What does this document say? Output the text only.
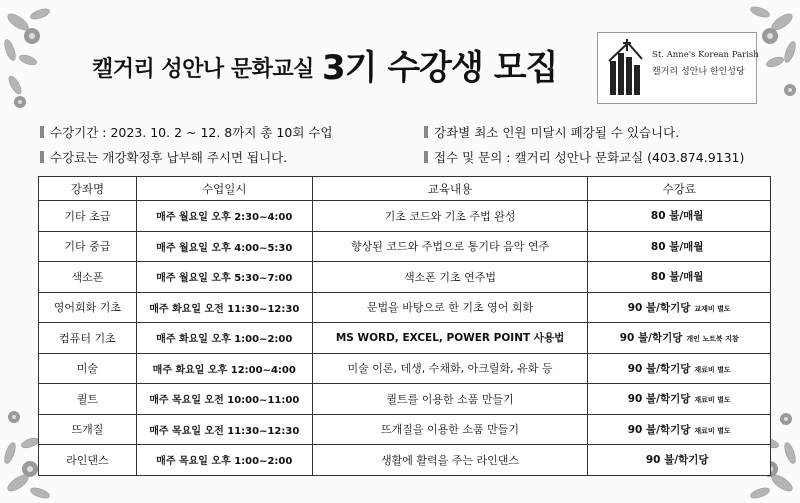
캘거리 성안나 문화교실 3기 수강생 모집	St. Anne's Korean Parish
캘거리 성안나 한인성당
수강기간 : 2023. 10. 2 ~ 12. 8까지 총 10회 수업
수강료는 개강확정후 납부해 주시면 됩니다.
강좌별 최소 인원 미달시 폐강될 수 있습니다.
접수 및 문의 : 캘거리 성안나 문화교실 (403.874.9131)
강좌명	수업일시	교육내용	수강료
기타 초급	매주 월요일 오후 2:30~4:00	기초 코드와 기초 주법 완성	80 불/매월
기타 중급	매주 월요일 오후 4:00~5:30	향상된 코드와 주법으로 통기타 음악 연주	80 불/매월
색소폰	매주 월요일 오후 5:30~7:00	색소폰 기초 연주법	80 불/매월
영어회화 기초	매주 화요일 오전 11:30~12:30	문법을 바탕으로 한 기초 영어 회화	90 불/학기당 교재비 별도
컴퓨터 기초	매주 화요일 오후 1:00~2:00	MS WORD, EXCEL, POWER POINT 사용법	90 불/학기당 개인 노트북 지참
미술	매주 화요일 오후 12:00~4:00	미술 이론, 데생, 수채화, 아크릴화, 유화 등	90 불/학기당 재료비 별도
퀼트	매주 목요일 오전 10:00~11:00	퀼트를 이용한 소품 만들기	90 불/학기당 재료비 별도
뜨개질	매주 목요일 오전 11:30~12:30	뜨개질을 이용한 소품 만들기	90 불/학기당 재료비 별도
라인댄스	매주 목요일 오후 1:00~2:00	생활에 활력을 주는 라인댄스	90 불/학기당
